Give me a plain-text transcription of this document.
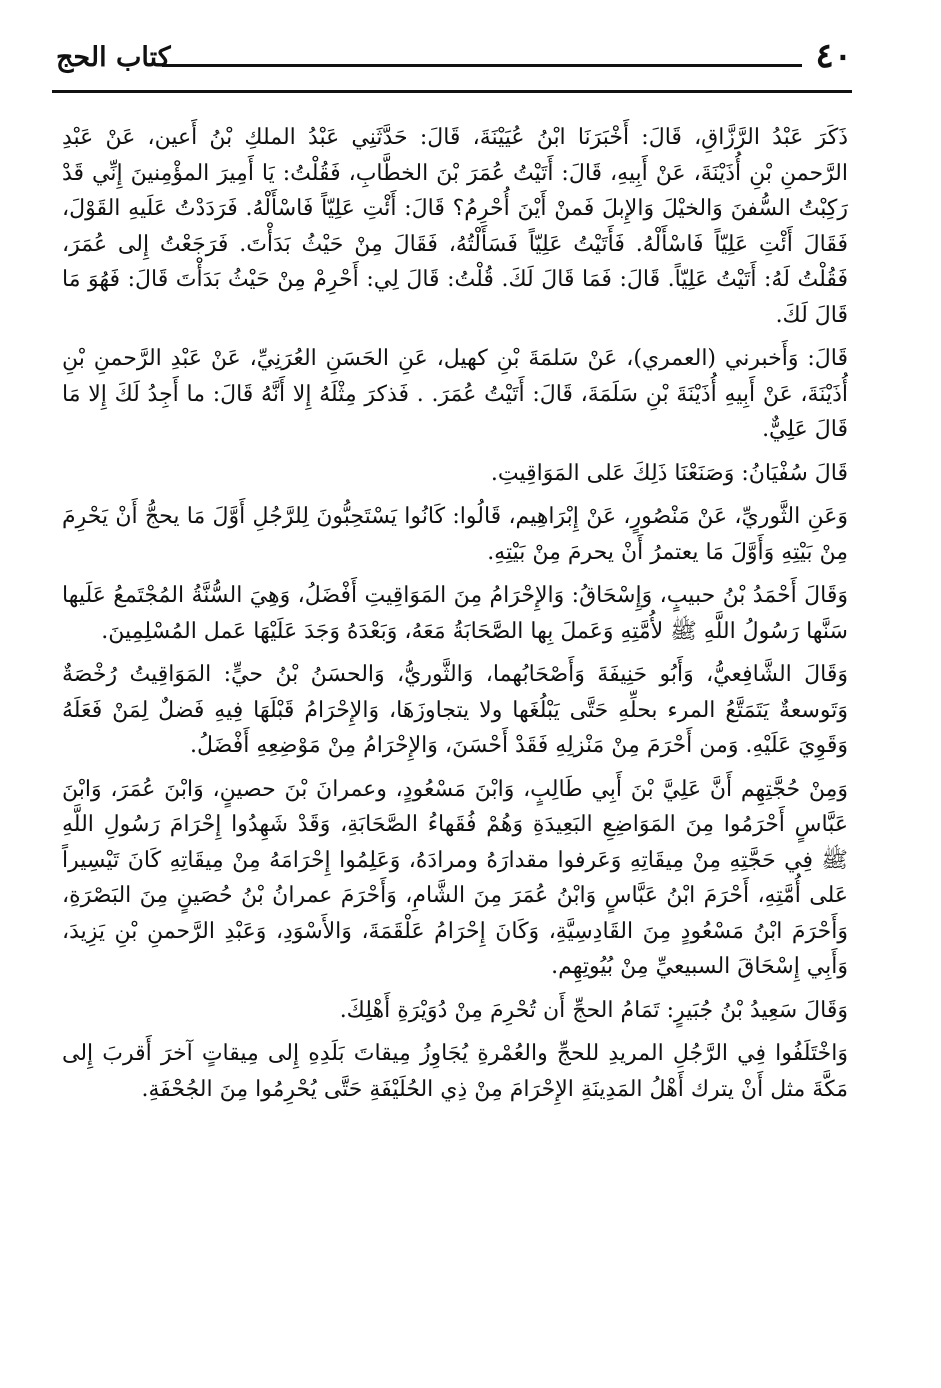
كتاب الحج	٤٠

ذَكَرَ عَبْدُ الرَّزَّاقِ، قَالَ: أَخْبَرَنَا ابْنُ عُيَيْنَةَ، قَالَ: حَدَّثَنِي عَبْدُ الملكِ بْنُ أَعين، عَنْ عَبْدِ الرَّحمنِ بْنِ أُذَيْنَةَ، عَنْ أَبِيهِ، قَالَ: أَتَيْتُ عُمَرَ بْنَ الخطَّابِ، فَقُلْتُ: يَا أَمِيرَ المؤْمِنينَ إِنِّي قَدْ رَكِبْتُ السُّفنَ وَالخيْلَ وَالإِبلَ فَمنْ أَيْنَ أُحْرِمُ؟ قَالَ: أَئْتِ عَلِيّاً فَاسْأَلْهُ. فَرَدَدْتُ عَلَيهِ القَوْلَ، فَقَالَ أَئْتِ عَلِيّاً فَاسْأَلْهُ. فَأَتَيْتُ عَلِيّاً فَسَأَلْتُهُ، فَقَالَ مِنْ حَيْثُ بَدَأْتَ. فَرَجَعْتُ إِلى عُمَرَ، فَقُلْتُ لَهُ: أَتَيْتُ عَلِيّاً. قَالَ: فَمَا قَالَ لَكَ. قُلْتُ: قَالَ لِي: أَحْرِمْ مِنْ حَيْثُ بَدَأْتَ قَالَ: فَهُوَ مَا قَالَ لَكَ.

قَالَ: وَأَخبرني (العمري)، عَنْ سَلمَةَ بْنِ كهيل، عَنِ الحَسَنِ العُرَنِيِّ، عَنْ عَبْدِ الرَّحمنِ بْنِ أُذَيْنَةَ، عَنْ أَبِيهِ أُذَيْنَةَ بْنِ سَلَمَةَ، قَالَ: أَتَيْتُ عُمَرَ. . فَذكرَ مِثْلَهُ إِلا أَنَّهُ قَالَ: ما أَجِدُ لَكَ إِلا مَا قَالَ عَلِيٌّ.

قَالَ سُفْيَانُ: وَصَنَعْنَا ذَلِكَ عَلى المَوَاقِيتِ.

وَعَنِ الثَّوريِّ، عَنْ مَنْصُورٍ، عَنْ إِبْرَاهِيم، قَالُوا: كَانُوا يَسْتَحِبُّونَ لِلرَّجُلِ أَوَّلَ مَا يحجُّ أَنْ يَحْرِمَ مِنْ بَيْتِهِ وَأَوَّلَ مَا يعتمرُ أَنْ يحرمَ مِنْ بَيْتِهِ.

وَقَالَ أَحْمَدُ بْنُ حبيبٍ، وَإِسْحَاقُ: وَالإِحْرَامُ مِنَ المَوَاقِيتِ أَفْضَلُ، وَهِيَ السُّنَّةُ المُجْتَمعُ عَلَيها سَنَّها رَسُولُ اللَّهِ ﷺ لأُمَّتِهِ وَعَملَ بِها الصَّحَابَةُ مَعَهُ، وَبَعْدَهُ وَجَدَ عَلَيْهَا عَمل المُسْلِمِينَ.

وَقَالَ الشَّافِعيُّ، وَأَبُو حَنِيفَةَ وَأَصْحَابُهما، وَالثَّوريُّ، وَالحسَنُ بْنُ حيٍّ: المَوَاقِيتُ رُخْصَةٌ وَتَوسعةٌ يَتَمَتَّعُ المرء بحلِّهِ حَتَّى يَبْلُغَها ولا يتجاوزَهَا، وَالإِحْرَامُ قَبْلَهَا فِيهِ فَضلٌ لِمَنْ فَعَلَهُ وَقَوِيَ عَلَيْهِ. وَمن أَحْرَمَ مِنْ مَنْزلِهِ فَقَدْ أَحْسَنَ، وَالإِحْرَامُ مِنْ مَوْضِعِهِ أَفْضَلُ.

وَمِنْ حُجَّتِهِم أَنَّ عَلِيَّ بْنَ أَبِي طَالِبٍ، وَابْنَ مَسْعُودٍ، وعمرانَ بْنَ حصينٍ، وَابْنَ عُمَرَ، وَابْنَ عَبَّاسٍ أَحْرَمُوا مِنَ المَوَاضِعِ البَعِيدَةِ وَهُمْ فُقَهاءُ الصَّحَابَةِ، وَقَدْ شَهِدُوا إِحْرَامَ رَسُولِ اللَّهِ ﷺ فِي حَجَّتِهِ مِنْ مِيقَاتِهِ وَعَرفوا مقدارَهُ ومرادَهُ، وَعَلِمُوا إِحْرَامَهُ مِنْ مِيقَاتِهِ كَانَ تَيْسِيراً عَلى أُمَّتِهِ، أَحْرَمَ ابْنُ عَبَّاسٍ وَابْنُ عُمَرَ مِنَ الشَّامِ، وَأَحْرَمَ عمرانُ بْنُ حُصَينٍ مِنَ البَصْرَةِ، وَأَحْرَمَ ابْنُ مَسْعُودٍ مِنَ القَادِسِيَّةِ، وَكَانَ إِحْرَامُ عَلْقَمَةَ، وَالأَسْوَدِ، وَعَبْدِ الرَّحمنِ بْنِ يَزِيدَ، وَأَبِي إِسْحَاقَ السبيعيِّ مِنْ بُيُوتِهِم.

وَقَالَ سَعِيدُ بْنُ جُبَيرٍ: تَمَامُ الحجِّ أَن تُحْرِمَ مِنْ دُوَيْرَةِ أَهْلِكَ.

وَاخْتَلَفُوا فِي الرَّجُلِ المريدِ للحجِّ والعُمْرةِ يُجَاوِزُ مِيقاتَ بَلَدِهِ إِلى مِيقاتٍ آخرَ أَقربَ إِلى مَكَّةَ مثل أَنْ يترك أَهْلُ المَدِينَةِ الإِحْرَامَ مِنْ ذِي الحُلَيْفَةِ حَتَّى يُحْرِمُوا مِنَ الجُحْفَةِ.
